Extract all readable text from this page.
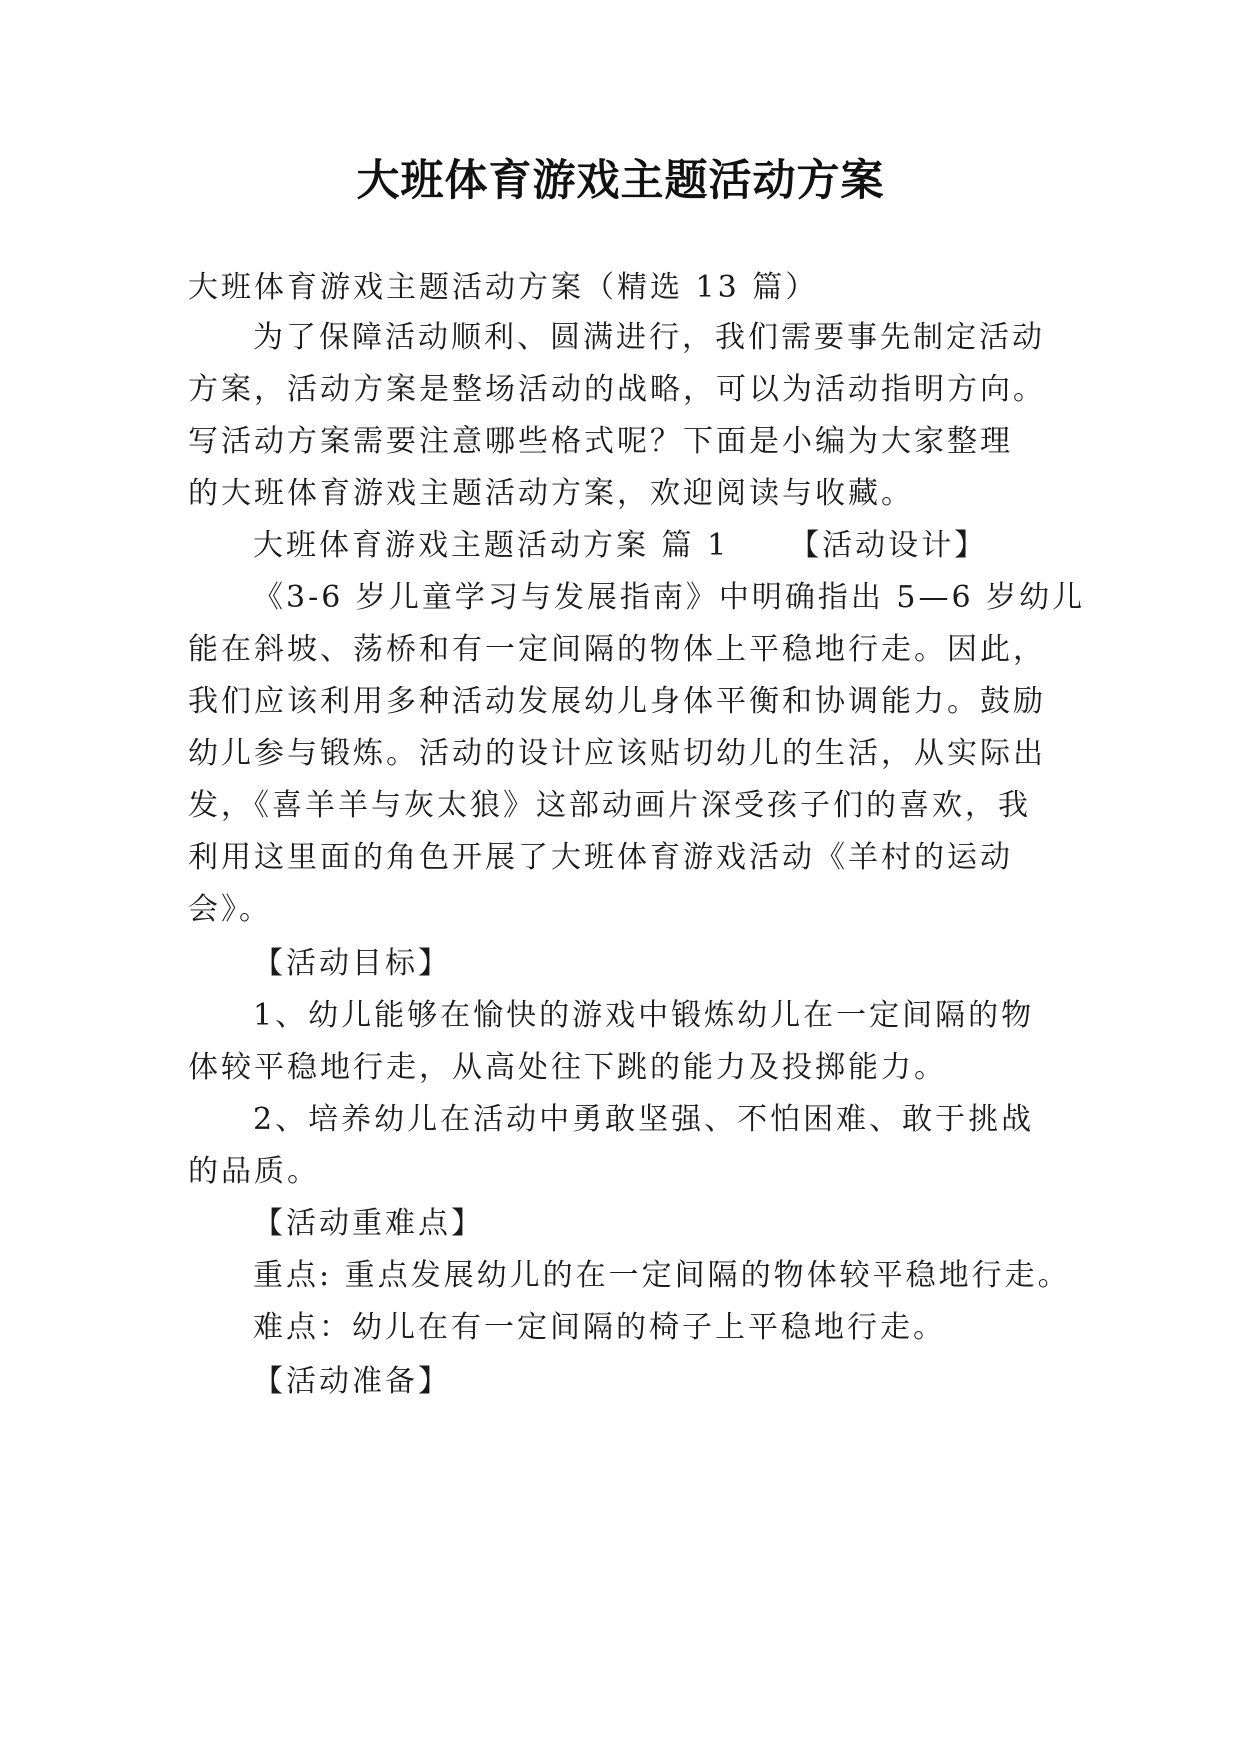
大班体育游戏主题活动方案
大班体育游戏主题活动方案（精选 13 篇）
为了保障活动顺利、圆满进行，我们需要事先制定活动
方案，活动方案是整场活动的战略，可以为活动指明方向。
写活动方案需要注意哪些格式呢？下面是小编为大家整理
的大班体育游戏主题活动方案，欢迎阅读与收藏。
大班体育游戏主题活动方案 篇 1 【活动设计】
《3-6 岁儿童学习与发展指南》中明确指出 5—6 岁幼儿
能在斜坡、荡桥和有一定间隔的物体上平稳地行走。因此，
我们应该利用多种活动发展幼儿身体平衡和协调能力。鼓励
幼儿参与锻炼。活动的设计应该贴切幼儿的生活，从实际出
发，《喜羊羊与灰太狼》这部动画片深受孩子们的喜欢，我
利用这里面的角色开展了大班体育游戏活动《羊村的运动
会》。
【活动目标】
1、幼儿能够在愉快的游戏中锻炼幼儿在一定间隔的物
体较平稳地行走，从高处往下跳的能力及投掷能力。
2、培养幼儿在活动中勇敢坚强、不怕困难、敢于挑战
的品质。
【活动重难点】
重点: 重点发展幼儿的在一定间隔的物体较平稳地行走。
难点：幼儿在有一定间隔的椅子上平稳地行走。
【活动准备】
